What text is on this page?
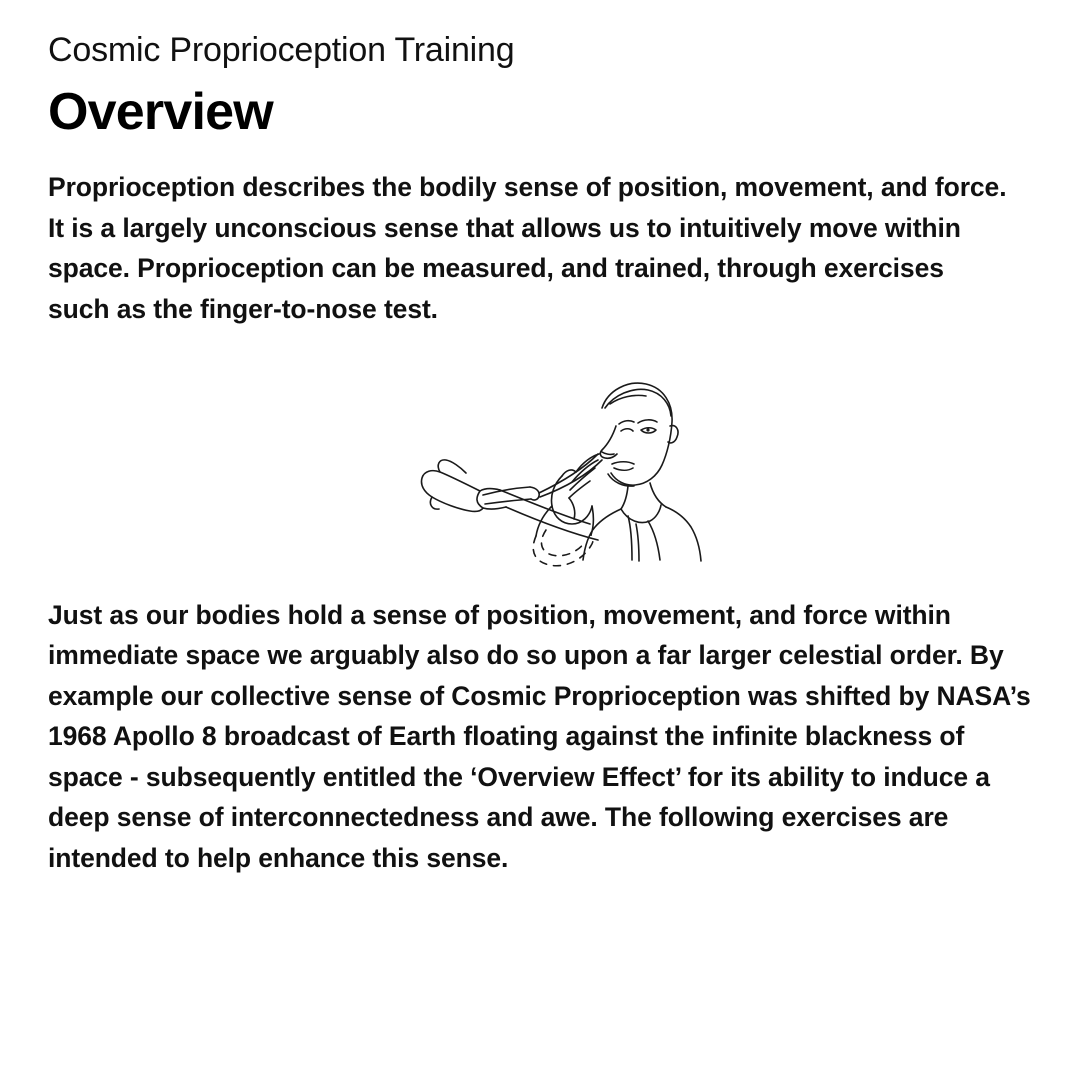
Cosmic Proprioception Training

Overview

Proprioception describes the bodily sense of position, movement, and force. It is a largely unconscious sense that allows us to intuitively move within space. Proprioception can be measured, and trained, through exercises such as the finger-to-nose test.

Just as our bodies hold a sense of position, movement, and force within immediate space we arguably also do so upon a far larger celestial order. By example our collective sense of Cosmic Proprioception was shifted by NASA’s 1968 Apollo 8 broadcast of Earth floating against the infinite blackness of space - subsequently entitled the ‘Overview Effect’ for its ability to induce a deep sense of interconnectedness and awe. The following exercises are intended to help enhance this sense.
